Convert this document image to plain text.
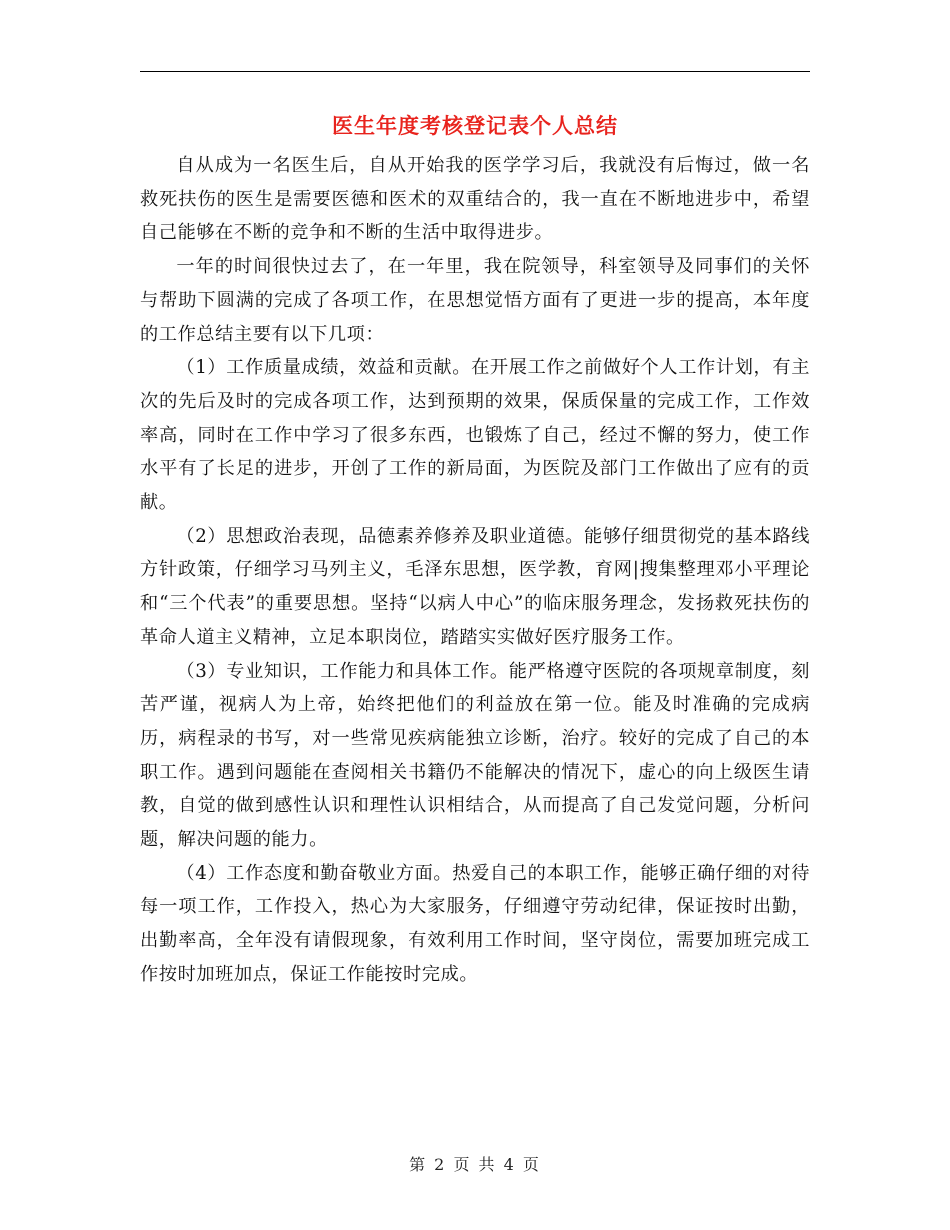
医生年度考核登记表个人总结

自从成为一名医生后，自从开始我的医学学习后，我就没有后悔过，做一名救死扶伤的医生是需要医德和医术的双重结合的，我一直在不断地进步中，希望自己能够在不断的竞争和不断的生活中取得进步。

一年的时间很快过去了，在一年里，我在院领导，科室领导及同事们的关怀与帮助下圆满的完成了各项工作，在思想觉悟方面有了更进一步的提高，本年度的工作总结主要有以下几项：

（1）工作质量成绩，效益和贡献。在开展工作之前做好个人工作计划，有主次的先后及时的完成各项工作，达到预期的效果，保质保量的完成工作，工作效率高，同时在工作中学习了很多东西，也锻炼了自己，经过不懈的努力，使工作水平有了长足的进步，开创了工作的新局面，为医院及部门工作做出了应有的贡献。

（2）思想政治表现，品德素养修养及职业道德。能够仔细贯彻党的基本路线方针政策，仔细学习马列主义，毛泽东思想，医学教，育网|搜集整理邓小平理论和“三个代表”的重要思想。坚持“以病人中心”的临床服务理念，发扬救死扶伤的革命人道主义精神，立足本职岗位，踏踏实实做好医疗服务工作。

（3）专业知识，工作能力和具体工作。能严格遵守医院的各项规章制度，刻苦严谨，视病人为上帝，始终把他们的利益放在第一位。能及时准确的完成病历，病程录的书写，对一些常见疾病能独立诊断，治疗。较好的完成了自己的本职工作。遇到问题能在查阅相关书籍仍不能解决的情况下，虚心的向上级医生请教，自觉的做到感性认识和理性认识相结合，从而提高了自己发觉问题，分析问题，解决问题的能力。

（4）工作态度和勤奋敬业方面。热爱自己的本职工作，能够正确仔细的对待每一项工作，工作投入，热心为大家服务，仔细遵守劳动纪律，保证按时出勤，出勤率高，全年没有请假现象，有效利用工作时间，坚守岗位，需要加班完成工作按时加班加点，保证工作能按时完成。

第 2 页 共 4 页
